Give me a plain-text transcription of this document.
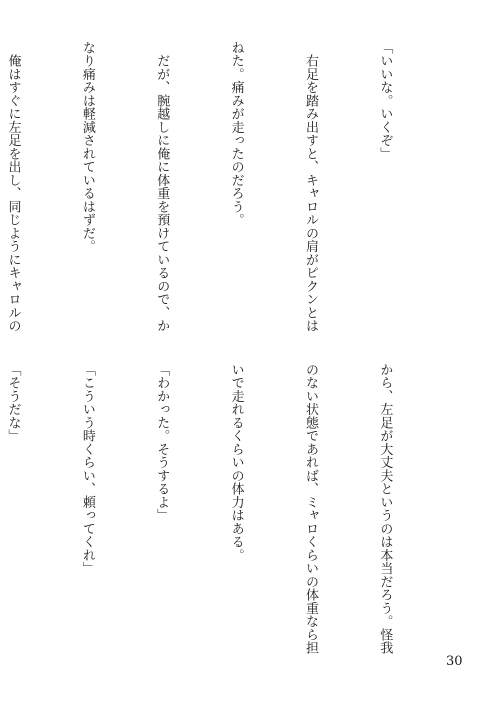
「いいな。いくぞ」

　右足を踏み出すと、キャロルの肩がピクンとは

ねた。痛みが走ったのだろう。

　だが、腕越しに俺に体重を預けているので、か

なり痛みは軽減されているはずだ。

　俺はすぐに左足を出し、同じようにキャロルの

から、左足が大丈夫というのは本当だろう。怪我

のない状態であれば、ミャロくらいの体重なら担

いで走れるくらいの体力はある。

「わかった。そうするよ」

「こういう時くらい、頼ってくれ」

「そうだな」

30
